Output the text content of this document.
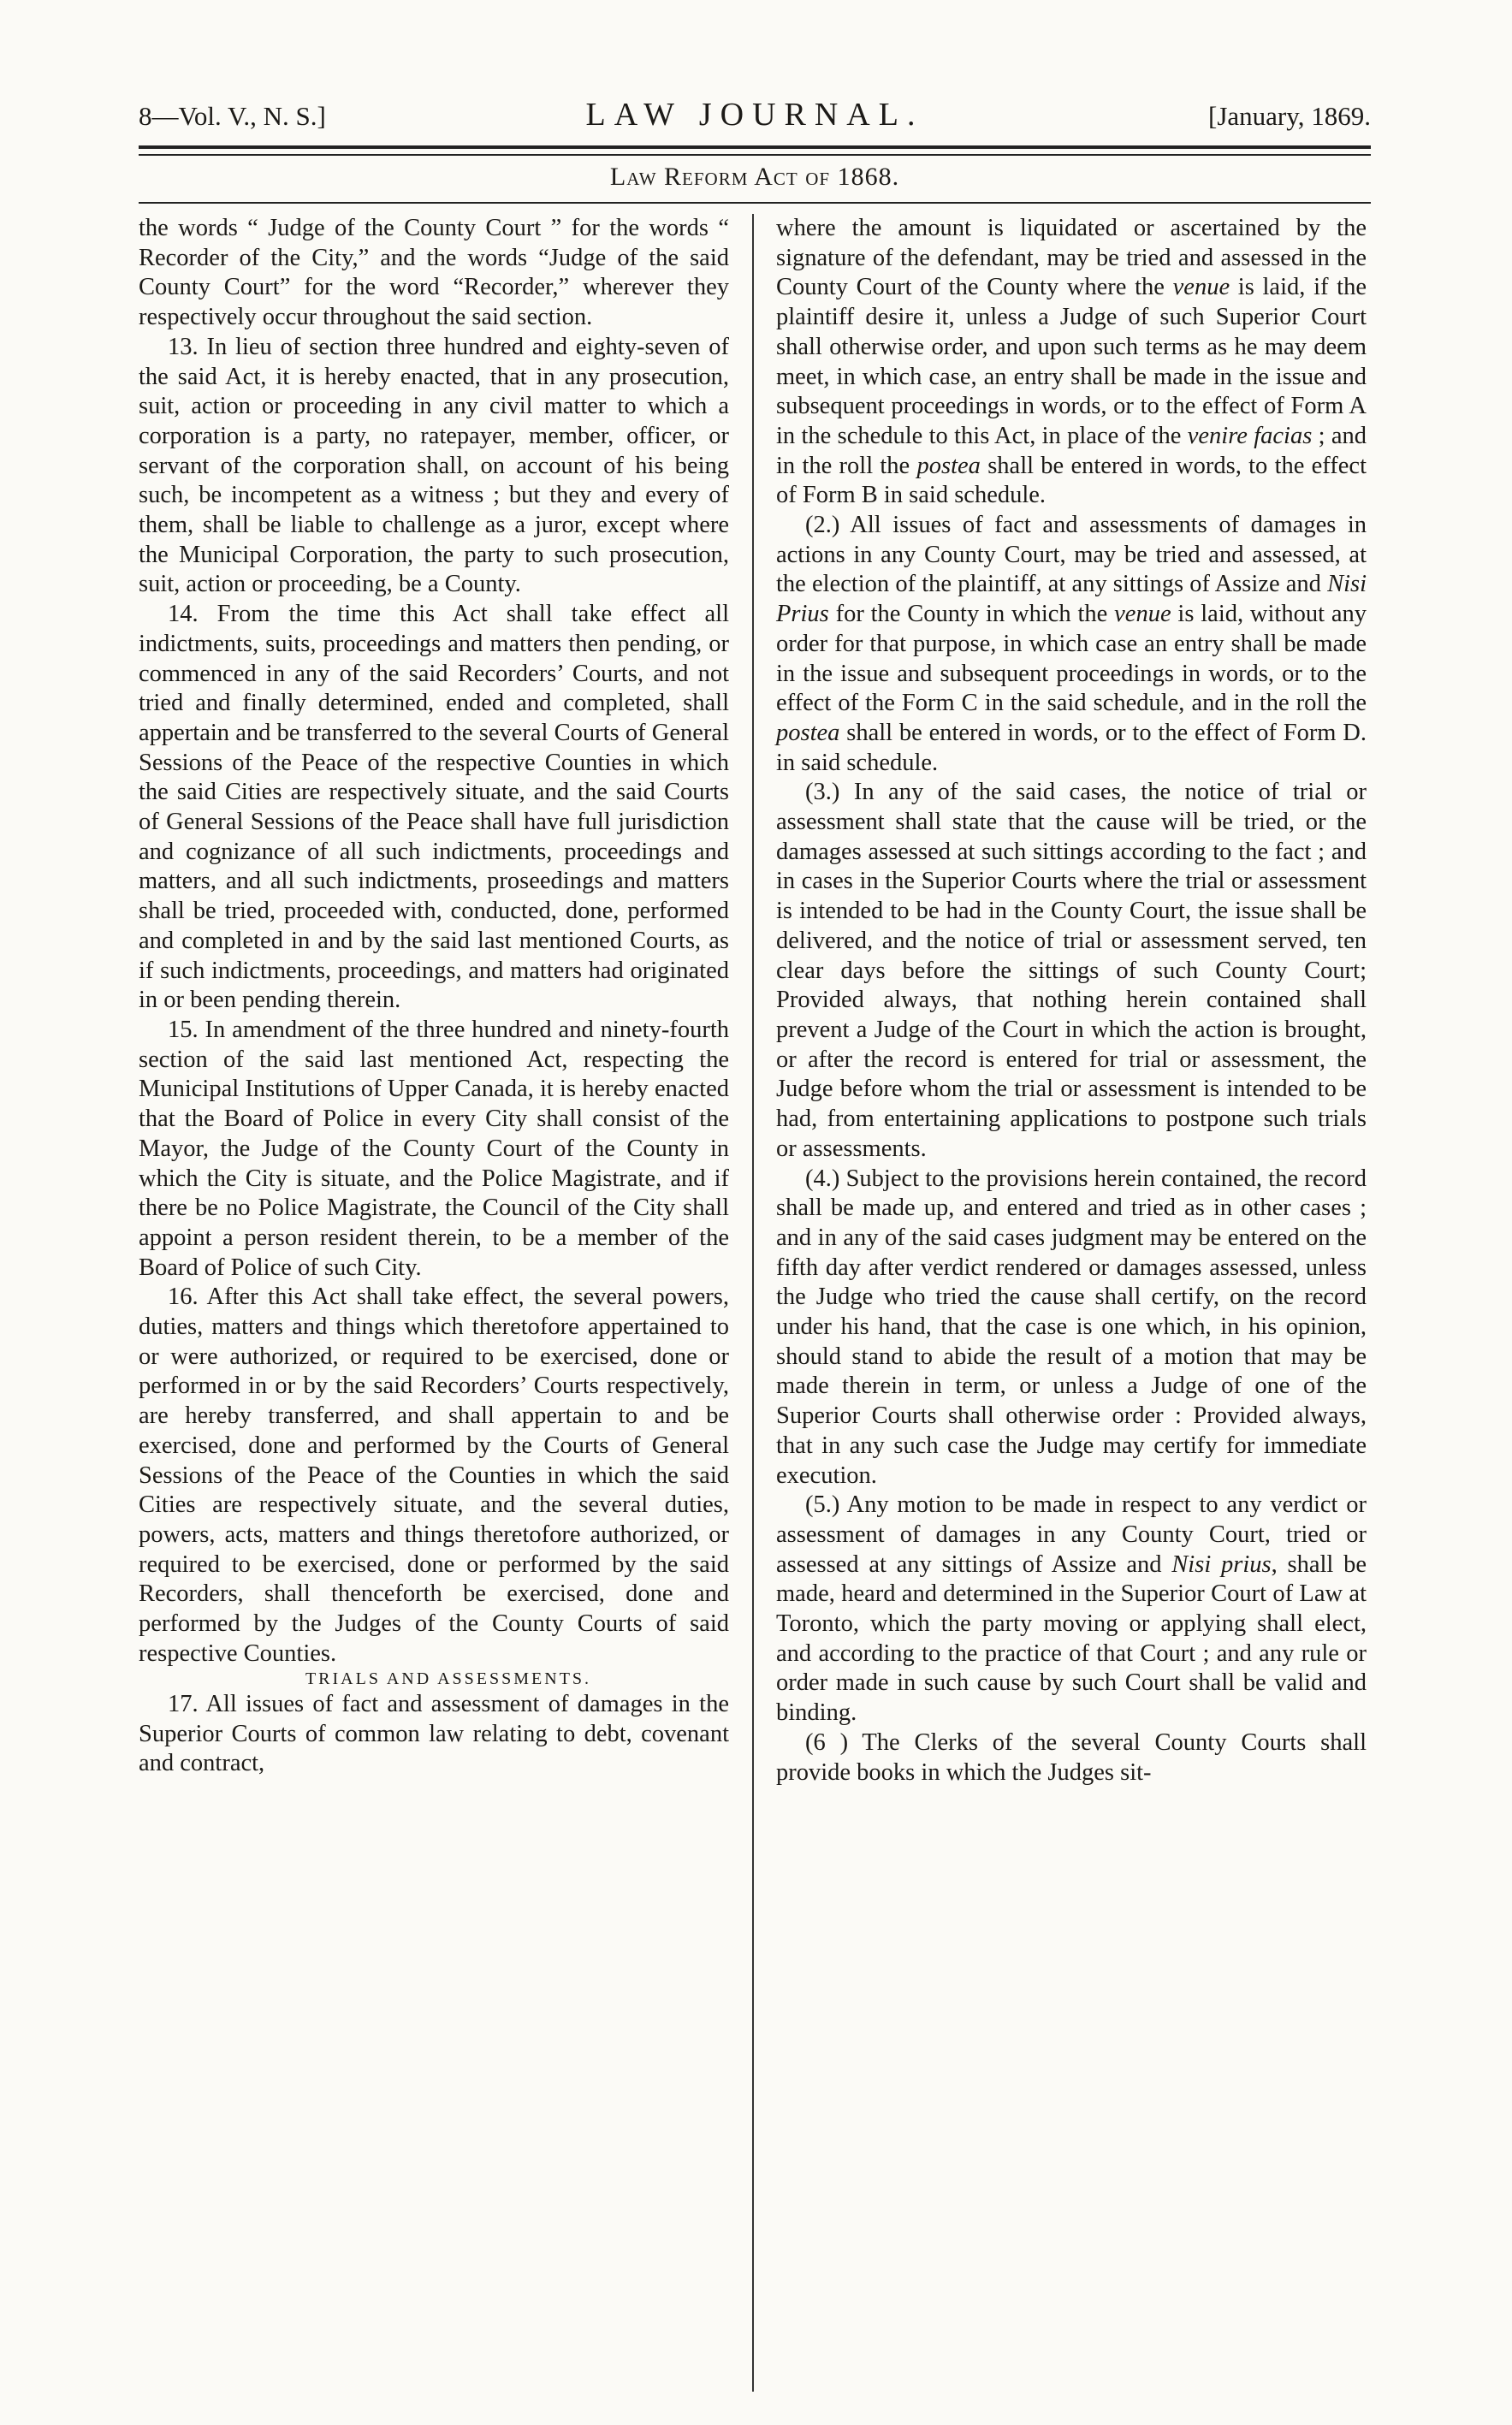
8—Vol. V., N. S.]	LAW JOURNAL.	[January, 1869.
Law Reform Act of 1868.

the words “ Judge of the County Court ” for the words “ Recorder of the City,” and the words “Judge of the said County Court” for the word “Recorder,” wherever they respectively occur throughout the said section.

13. In lieu of section three hundred and eighty-seven of the said Act, it is hereby enacted, that in any prosecution, suit, action or proceeding in any civil matter to which a corporation is a party, no ratepayer, member, officer, or servant of the corporation shall, on account of his being such, be incompetent as a witness ; but they and every of them, shall be liable to challenge as a juror, except where the Municipal Corporation, the party to such prosecution, suit, action or proceeding, be a County.

14. From the time this Act shall take effect all indictments, suits, proceedings and matters then pending, or commenced in any of the said Recorders’ Courts, and not tried and finally determined, ended and completed, shall appertain and be transferred to the several Courts of General Sessions of the Peace of the respective Counties in which the said Cities are respectively situate, and the said Courts of General Sessions of the Peace shall have full jurisdiction and cognizance of all such indictments, proceedings and matters, and all such indictments, proseedings and matters shall be tried, proceeded with, conducted, done, performed and completed in and by the said last mentioned Courts, as if such indictments, proceedings, and matters had originated in or been pending therein.

15. In amendment of the three hundred and ninety-fourth section of the said last mentioned Act, respecting the Municipal Institutions of Upper Canada, it is hereby enacted that the Board of Police in every City shall consist of the Mayor, the Judge of the County Court of the County in which the City is situate, and the Police Magistrate, and if there be no Police Magistrate, the Council of the City shall appoint a person resident therein, to be a member of the Board of Police of such City.

16. After this Act shall take effect, the several powers, duties, matters and things which theretofore appertained to or were authorized, or required to be exercised, done or performed in or by the said Recorders’ Courts respectively, are hereby transferred, and shall appertain to and be exercised, done and performed by the Courts of General Sessions of the Peace of the Counties in which the said Cities are respectively situate, and the several duties, powers, acts, matters and things theretofore authorized, or required to be exercised, done or performed by the said Recorders, shall thenceforth be exercised, done and performed by the Judges of the County Courts of said respective Counties.

TRIALS AND ASSESSMENTS.

17. All issues of fact and assessment of damages in the Superior Courts of common law relating to debt, covenant and contract,

where the amount is liquidated or ascertained by the signature of the defendant, may be tried and assessed in the County Court of the County where the venue is laid, if the plaintiff desire it, unless a Judge of such Superior Court shall otherwise order, and upon such terms as he may deem meet, in which case, an entry shall be made in the issue and subsequent proceedings in words, or to the effect of Form A in the schedule to this Act, in place of the venire facias ; and in the roll the postea shall be entered in words, to the effect of Form B in said schedule.

(2.) All issues of fact and assessments of damages in actions in any County Court, may be tried and assessed, at the election of the plaintiff, at any sittings of Assize and Nisi Prius for the County in which the venue is laid, without any order for that purpose, in which case an entry shall be made in the issue and subsequent proceedings in words, or to the effect of the Form C in the said schedule, and in the roll the postea shall be entered in words, or to the effect of Form D. in said schedule.

(3.) In any of the said cases, the notice of trial or assessment shall state that the cause will be tried, or the damages assessed at such sittings according to the fact ; and in cases in the Superior Courts where the trial or assessment is intended to be had in the County Court, the issue shall be delivered, and the notice of trial or assessment served, ten clear days before the sittings of such County Court; Provided always, that nothing herein contained shall prevent a Judge of the Court in which the action is brought, or after the record is entered for trial or assessment, the Judge before whom the trial or assessment is intended to be had, from entertaining applications to postpone such trials or assessments.

(4.) Subject to the provisions herein contained, the record shall be made up, and entered and tried as in other cases ; and in any of the said cases judgment may be entered on the fifth day after verdict rendered or damages assessed, unless the Judge who tried the cause shall certify, on the record under his hand, that the case is one which, in his opinion, should stand to abide the result of a motion that may be made therein in term, or unless a Judge of one of the Superior Courts shall otherwise order : Provided always, that in any such case the Judge may certify for immediate execution.

(5.) Any motion to be made in respect to any verdict or assessment of damages in any County Court, tried or assessed at any sittings of Assize and Nisi prius, shall be made, heard and determined in the Superior Court of Law at Toronto, which the party moving or applying shall elect, and according to the practice of that Court ; and any rule or order made in such cause by such Court shall be valid and binding.

(6 ) The Clerks of the several County Courts shall provide books in which the Judges sit-
